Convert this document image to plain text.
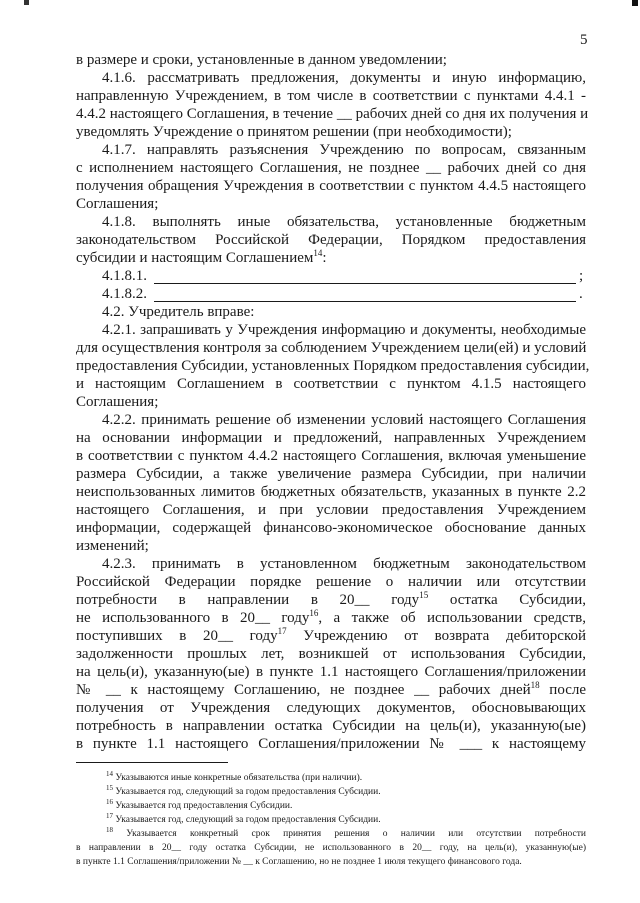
5
в размере и сроки, установленные в данном уведомлении;
4.1.6. рассматривать предложения, документы и иную информацию,
направленную Учреждением, в том числе в соответствии с пунктами 4.4.1 -
4.4.2 настоящего Соглашения, в течение __ рабочих дней со дня их получения и
уведомлять Учреждение о принятом решении (при необходимости);
4.1.7. направлять разъяснения Учреждению по вопросам, связанным
с исполнением настоящего Соглашения, не позднее __ рабочих дней со дня
получения обращения Учреждения в соответствии с пунктом 4.4.5 настоящего
Соглашения;
4.1.8. выполнять иные обязательства, установленные бюджетным
законодательством Российской Федерации, Порядком предоставления
субсидии и настоящим Соглашением$^{14}$:
4.1.8.1.	;
4.1.8.2.	.
4.2. Учредитель вправе:
4.2.1. запрашивать у Учреждения информацию и документы, необходимые
для осуществления контроля за соблюдением Учреждением цели(ей) и условий
предоставления Субсидии, установленных Порядком предоставления субсидии,
и настоящим Соглашением в соответствии с пунктом 4.1.5 настоящего
Соглашения;
4.2.2. принимать решение об изменении условий настоящего Соглашения
на основании информации и предложений, направленных Учреждением
в соответствии с пунктом 4.4.2 настоящего Соглашения, включая уменьшение
размера Субсидии, а также увеличение размера Субсидии, при наличии
неиспользованных лимитов бюджетных обязательств, указанных в пункте 2.2
настоящего Соглашения, и при условии предоставления Учреждением
информации, содержащей финансово-экономическое обоснование данных
изменений;
4.2.3. принимать в установленном бюджетным законодательством
Российской Федерации порядке решение о наличии или отсутствии
потребности в направлении в 20__ году$^{15}$ остатка Субсидии,
не использованного в 20__ году$^{16}$, а также об использовании средств,
поступивших в 20__ году$^{17}$ Учреждению от возврата дебиторской
задолженности прошлых лет, возникшей от использования Субсидии,
на цель(и), указанную(ые) в пункте 1.1 настоящего Соглашения/приложении
№ __ к настоящему Соглашению, не позднее __ рабочих дней$^{18}$ после
получения от Учреждения следующих документов, обосновывающих
потребность в направлении остатка Субсидии на цель(и), указанную(ые)
в пункте 1.1 настоящего Соглашения/приложении № ___ к настоящему
$^{14}$ Указываются иные конкретные обязательства (при наличии).
$^{15}$ Указывается год, следующий за годом предоставления Субсидии.
$^{16}$ Указывается год предоставления Субсидии.
$^{17}$ Указывается год, следующий за годом предоставления Субсидии.
$^{18}$ Указывается конкретный срок принятия решения о наличии или отсутствии потребности
в направлении в 20__ году остатка Субсидии, не использованного в 20__ году, на цель(и), указанную(ые)
в пункте 1.1 Соглашения/приложении № __ к Соглашению, но не позднее 1 июля текущего финансового года.
